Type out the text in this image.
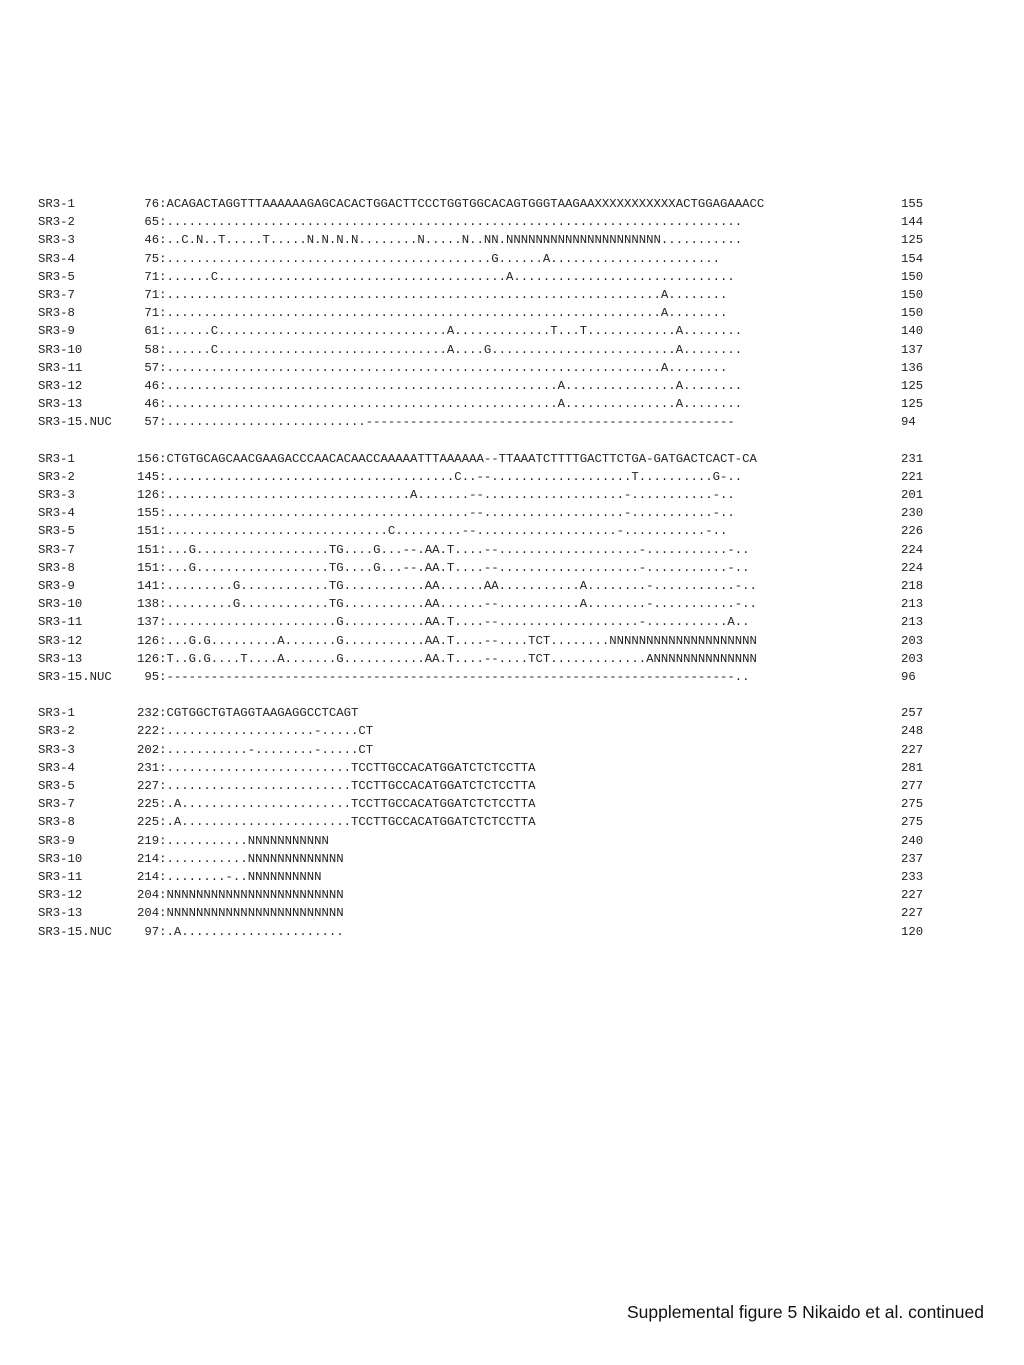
SR3-1	76:ACAGACTAGGTTTAAAAAAGAGCACACTGGACTTCCCTGGTGGCACAGTGGGTAAGAAXXXXXXXXXXXACTGGAGAAACC	155
SR3-2	65:..............................................................................	144
SR3-3	46:..C.N..T.....T.....N.N.N.N........N.....N..NN.NNNNNNNNNNNNNNNNNNNNN...........	125
SR3-4	75:............................................G......A.......................	154
SR3-5	71:......C.......................................A..............................	150
SR3-7	71:...................................................................A........	150
SR3-8	71:...................................................................A........	150
SR3-9	61:......C...............................A.............T...T............A........	140
SR3-10	58:......C...............................A....G.........................A........	137
SR3-11	57:...................................................................A........	136
SR3-12	46:.....................................................A...............A........	125
SR3-13	46:.....................................................A...............A........	125
SR3-15.NUC 57:...........................--------------------------------------------------	94
SR3-1	156:CTGTGCAGCAACGAAGACCCAACACAACCAAAAATTTAAAAAA--TTAAATCTTTTGACTTCTGA-GATGACTCACT-CA	231
SR3-2	145:.......................................C..--...................T..........G-..	221
SR3-3	126:.................................A.......--...................-...........-..	201
SR3-4	155:.........................................--...................-...........-..	230
SR3-5	151:..............................C.........--...................-...........-..	226
SR3-7	151:...G..................TG....G...--.AA.T....--...................-...........-..	224
SR3-8	151:...G..................TG....G...--.AA.T....--...................-...........-..	224
SR3-9	141:.........G............TG...........AA......AA...........A........-...........-..	218
SR3-10	138:.........G............TG...........AA......--...........A........-...........-..	213
SR3-11	137:.......................G...........AA.T....--...................-...........A..	213
SR3-12	126:...G.G.........A.......G...........AA.T....--....TCT........NNNNNNNNNNNNNNNNNNNN	203
SR3-13	126:T..G.G....T....A.......G...........AA.T....--....TCT.............ANNNNNNNNNNNNNN	203
SR3-15.NUC 95:-----------------------------------------------------------------------------..	96
SR3-1	232:CGTGGCTGTAGGTAAGAGGCCTCAGT	257
SR3-2	222:....................-.....CT	248
SR3-3	202:...........-........-.....CT	227
SR3-4	231:.........................TCCTTGCCACATGGATCTCTCCTTA	281
SR3-5	227:.........................TCCTTGCCACATGGATCTCTCCTTA	277
SR3-7	225:.A.......................TCCTTGCCACATGGATCTCTCCTTA	275
SR3-8	225:.A.......................TCCTTGCCACATGGATCTCTCCTTA	275
SR3-9	219:...........NNNNNNNNNNN	240
SR3-10	214:...........NNNNNNNNNNNNN	237
SR3-11	214:........-..NNNNNNNNNN	233
SR3-12	204:NNNNNNNNNNNNNNNNNNNNNNNN	227
SR3-13	204:NNNNNNNNNNNNNNNNNNNNNNNN	227
SR3-15.NUC 97:.A......................	120
Supplemental figure 5 Nikaido et al. continued
